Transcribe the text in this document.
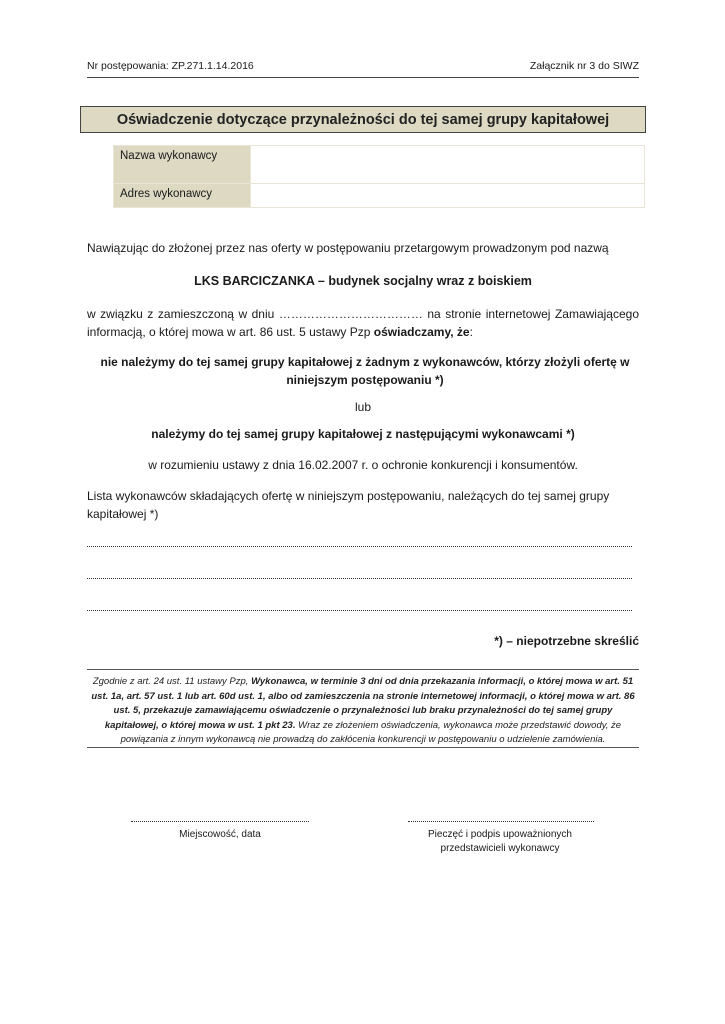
Nr postępowania: ZP.271.1.14.2016	Załącznik nr 3 do SIWZ
Oświadczenie dotyczące przynależności do tej samej grupy kapitałowej
Nazwa wykonawcy	
Adres wykonawcy	
Nawiązując do złożonej przez nas oferty w postępowaniu przetargowym prowadzonym pod nazwą
LKS BARCICZANKA – budynek socjalny wraz z boiskiem
w związku z zamieszczoną w dniu ……………………………… na stronie internetowej Zamawiającego
informacją, o której mowa w art. 86 ust. 5 ustawy Pzp oświadczamy, że:
nie należymy do tej samej grupy kapitałowej z żadnym z wykonawców, którzy złożyli ofertę w niniejszym postępowaniu *)
lub
należymy do tej samej grupy kapitałowej z następującymi wykonawcami *)
w rozumieniu ustawy z dnia 16.02.2007 r. o ochronie konkurencji i konsumentów.
Lista wykonawców składających ofertę w niniejszym postępowaniu, należących do tej samej grupy kapitałowej *)
*) – niepotrzebne skreślić
Zgodnie z art. 24 ust. 11 ustawy Pzp, Wykonawca, w terminie 3 dni od dnia przekazania informacji, o której mowa w art. 51 ust. 1a, art. 57 ust. 1 lub art. 60d ust. 1, albo od zamieszczenia na stronie internetowej informacji, o której mowa w art. 86 ust. 5, przekazuje zamawiającemu oświadczenie o przynależności lub braku przynależności do tej samej grupy kapitałowej, o której mowa w ust. 1 pkt 23. Wraz ze złożeniem oświadczenia, wykonawca może przedstawić dowody, że powiązania z innym wykonawcą nie prowadzą do zakłócenia konkurencji w postępowaniu o udzielenie zamówienia.
Miejscowość, data	Pieczęć i podpis upoważnionych
przedstawicieli wykonawcy
